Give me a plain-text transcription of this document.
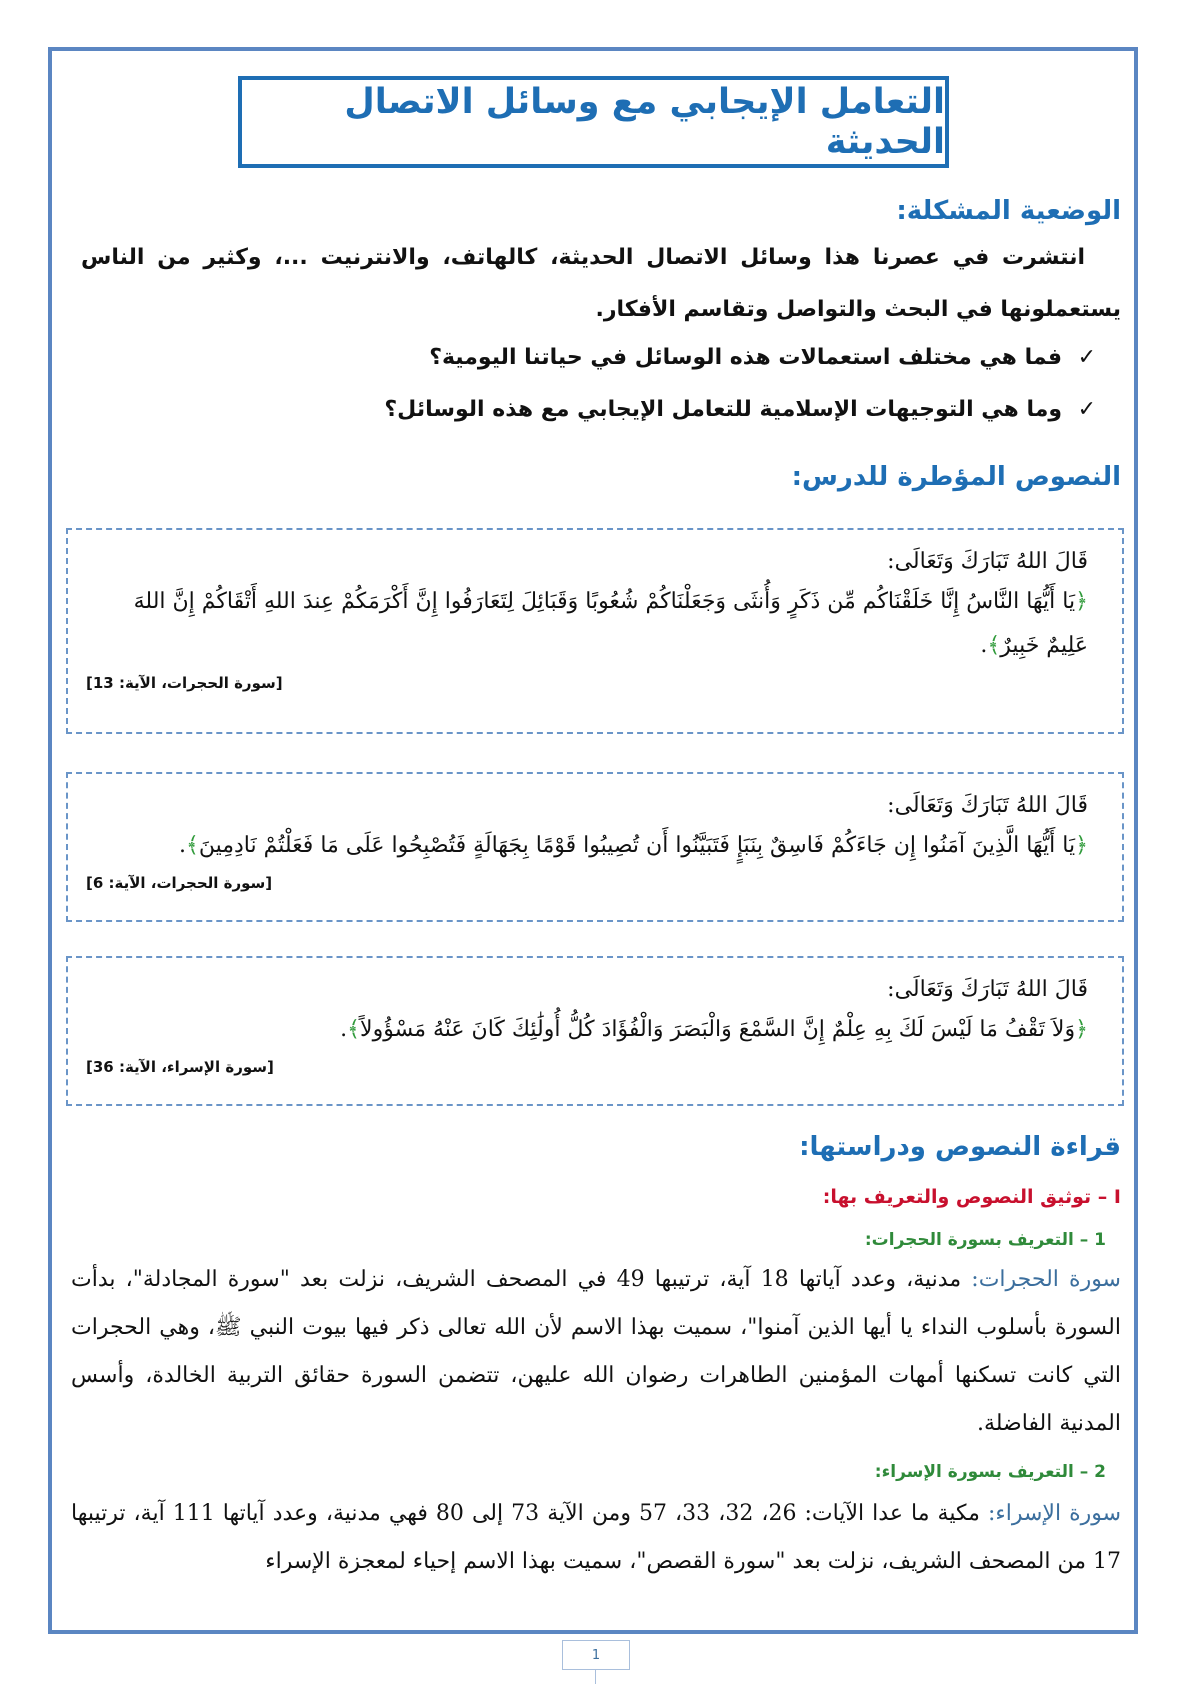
التعامل الإيجابي مع وسائل الاتصال الحديثة
الوضعية المشكلة:

انتشرت في عصرنا هذا وسائل الاتصال الحديثة، كالهاتف، والانترنيت ...، وكثير من الناس يستعملونها في البحث والتواصل وتقاسم الأفكار.

✓فما هي مختلف استعمالات هذه الوسائل في حياتنا اليومية؟
✓وما هي التوجيهات الإسلامية للتعامل الإيجابي مع هذه الوسائل؟
النصوص المؤطرة للدرس:

قَالَ اللهُ تَبَارَكَ وَتَعَالَى:

﴿يَا أَيُّهَا النَّاسُ إِنَّا خَلَقْنَاكُم مِّن ذَكَرٍ وَأُنثَى وَجَعَلْنَاكُمْ شُعُوبًا وَقَبَائِلَ لِتَعَارَفُوا إِنَّ أَكْرَمَكُمْ عِندَ اللهِ أَتْقَاكُمْ إِنَّ اللهَ عَلِيمٌ خَبِيرٌ﴾.

[سورة الحجرات، الآية: 13]

قَالَ اللهُ تَبَارَكَ وَتَعَالَى:

﴿يَا أَيُّهَا الَّذِينَ آمَنُوا إِن جَاءَكُمْ فَاسِقٌ بِنَبَإٍ فَتَبَيَّنُوا أَن تُصِيبُوا قَوْمًا بِجَهَالَةٍ فَتُصْبِحُوا عَلَى مَا فَعَلْتُمْ نَادِمِينَ﴾.

[سورة الحجرات، الآية: 6]

قَالَ اللهُ تَبَارَكَ وَتَعَالَى:

﴿وَلاَ تَقْفُ مَا لَيْسَ لَكَ بِهِ عِلْمٌ إِنَّ السَّمْعَ وَالْبَصَرَ وَالْفُؤَادَ كُلُّ أُولَٰئِكَ كَانَ عَنْهُ مَسْؤُولاً﴾.

[سورة الإسراء، الآية: 36]

قراءة النصوص ودراستها:
I – توثيق النصوص والتعريف بها:
1 – التعريف بسورة الحجرات:

سورة الحجرات: مدنية، وعدد آياتها 18 آية، ترتيبها 49 في المصحف الشريف، نزلت بعد "سورة المجادلة"، بدأت السورة بأسلوب النداء يا أيها الذين آمنوا"، سميت بهذا الاسم لأن الله تعالى ذكر فيها بيوت النبي ﷺ، وهي الحجرات التي كانت تسكنها أمهات المؤمنين الطاهرات رضوان الله عليهن، تتضمن السورة حقائق التربية الخالدة، وأسس المدنية الفاضلة.

2 – التعريف بسورة الإسراء:

سورة الإسراء: مكية ما عدا الآيات: 26، 32، 33، 57 ومن الآية 73 إلى 80 فهي مدنية، وعدد آياتها 111 آية، ترتيبها 17 من المصحف الشريف، نزلت بعد "سورة القصص"، سميت بهذا الاسم إحياء لمعجزة الإسراء

1
